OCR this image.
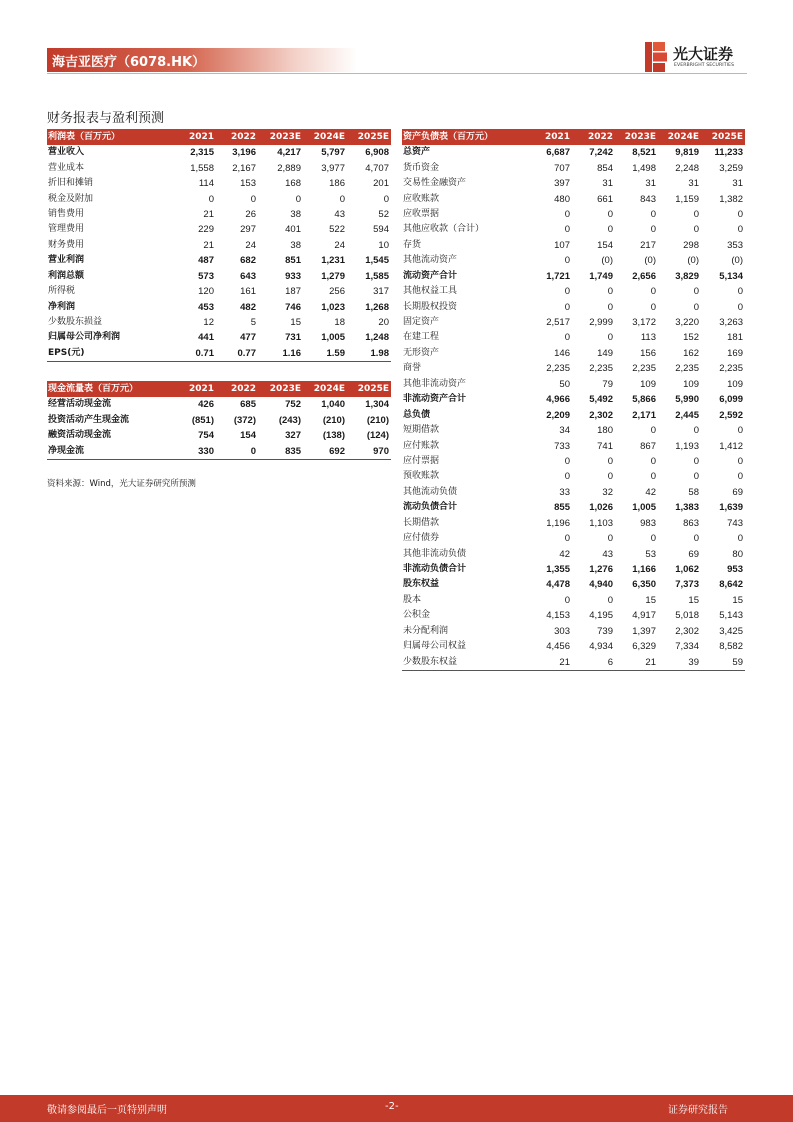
海吉亚医疗（6078.HK）	光大证券
EVERBRIGHT SECURITIES
财务报表与盈利预测
利润表（百万元）	2021	2022	2023E	2024E	2025E
营业收入	2,315	3,196	4,217	5,797	6,908
营业成本	1,558	2,167	2,889	3,977	4,707
折旧和摊销	114	153	168	186	201
税金及附加	0	0	0	0	0
销售费用	21	26	38	43	52
管理费用	229	297	401	522	594
财务费用	21	24	38	24	10
营业利润	487	682	851	1,231	1,545
利润总额	573	643	933	1,279	1,585
所得税	120	161	187	256	317
净利润	453	482	746	1,023	1,268
少数股东损益	12	5	15	18	20
归属母公司净利润	441	477	731	1,005	1,248
EPS(元)	0.71	0.77	1.16	1.59	1.98
现金流量表（百万元）	2021	2022	2023E	2024E	2025E
经营活动现金流	426	685	752	1,040	1,304
投资活动产生现金流	(851)	(372)	(243)	(210)	(210)
融资活动现金流	754	154	327	(138)	(124)
净现金流	330	0	835	692	970
资产负债表（百万元）	2021	2022	2023E	2024E	2025E
总资产	6,687	7,242	8,521	9,819	11,233
货币资金	707	854	1,498	2,248	3,259
交易性金融资产	397	31	31	31	31
应收账款	480	661	843	1,159	1,382
应收票据	0	0	0	0	0
其他应收款（合计）	0	0	0	0	0
存货	107	154	217	298	353
其他流动资产	0	(0)	(0)	(0)	(0)
流动资产合计	1,721	1,749	2,656	3,829	5,134
其他权益工具	0	0	0	0	0
长期股权投资	0	0	0	0	0
固定资产	2,517	2,999	3,172	3,220	3,263
在建工程	0	0	113	152	181
无形资产	146	149	156	162	169
商誉	2,235	2,235	2,235	2,235	2,235
其他非流动资产	50	79	109	109	109
非流动资产合计	4,966	5,492	5,866	5,990	6,099
总负债	2,209	2,302	2,171	2,445	2,592
短期借款	34	180	0	0	0
应付账款	733	741	867	1,193	1,412
应付票据	0	0	0	0	0
预收账款	0	0	0	0	0
其他流动负债	33	32	42	58	69
流动负债合计	855	1,026	1,005	1,383	1,639
长期借款	1,196	1,103	983	863	743
应付债券	0	0	0	0	0
其他非流动负债	42	43	53	69	80
非流动负债合计	1,355	1,276	1,166	1,062	953
股东权益	4,478	4,940	6,350	7,373	8,642
股本	0	0	15	15	15
公积金	4,153	4,195	4,917	5,018	5,143
未分配利润	303	739	1,397	2,302	3,425
归属母公司权益	4,456	4,934	6,329	7,334	8,582
少数股东权益	21	6	21	39	59
资料来源：Wind，光大证券研究所预测
敬请参阅最后一页特别声明	-2-	证券研究报告
